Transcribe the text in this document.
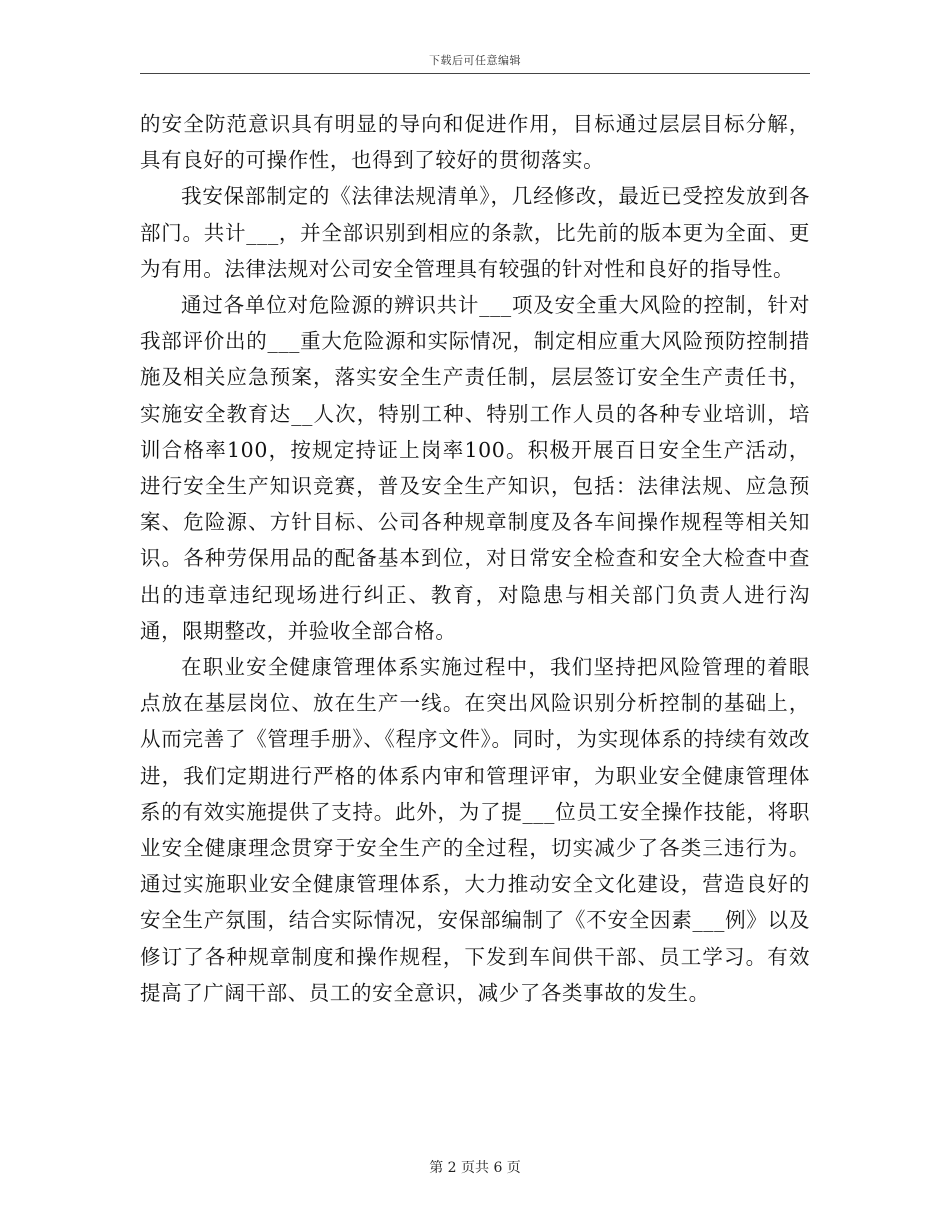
下载后可任意编辑

的安全防范意识具有明显的导向和促进作用，目标通过层层目标分解，具有良好的可操作性，也得到了较好的贯彻落实。

我安保部制定的《法律法规清单》，几经修改，最近已受控发放到各部门。共计___，并全部识别到相应的条款，比先前的版本更为全面、更为有用。法律法规对公司安全管理具有较强的针对性和良好的指导性。

通过各单位对危险源的辨识共计___项及安全重大风险的控制，针对我部评价出的___重大危险源和实际情况，制定相应重大风险预防控制措施及相关应急预案，落实安全生产责任制，层层签订安全生产责任书，实施安全教育达__人次，特别工种、特别工作人员的各种专业培训，培训合格率100，按规定持证上岗率100。积极开展百日安全生产活动，进行安全生产知识竞赛，普及安全生产知识，包括：法律法规、应急预案、危险源、方针目标、公司各种规章制度及各车间操作规程等相关知识。各种劳保用品的配备基本到位，对日常安全检查和安全大检查中查出的违章违纪现场进行纠正、教育，对隐患与相关部门负责人进行沟通，限期整改，并验收全部合格。

在职业安全健康管理体系实施过程中，我们坚持把风险管理的着眼点放在基层岗位、放在生产一线。在突出风险识别分析控制的基础上，从而完善了《管理手册》、《程序文件》。同时，为实现体系的持续有效改进，我们定期进行严格的体系内审和管理评审，为职业安全健康管理体系的有效实施提供了支持。此外，为了提___位员工安全操作技能，将职业安全健康理念贯穿于安全生产的全过程，切实减少了各类三违行为。通过实施职业安全健康管理体系，大力推动安全文化建设，营造良好的安全生产氛围，结合实际情况，安保部编制了《不安全因素___例》以及修订了各种规章制度和操作规程，下发到车间供干部、员工学习。有效提高了广阔干部、员工的安全意识，减少了各类事故的发生。

第 2 页共 6 页
